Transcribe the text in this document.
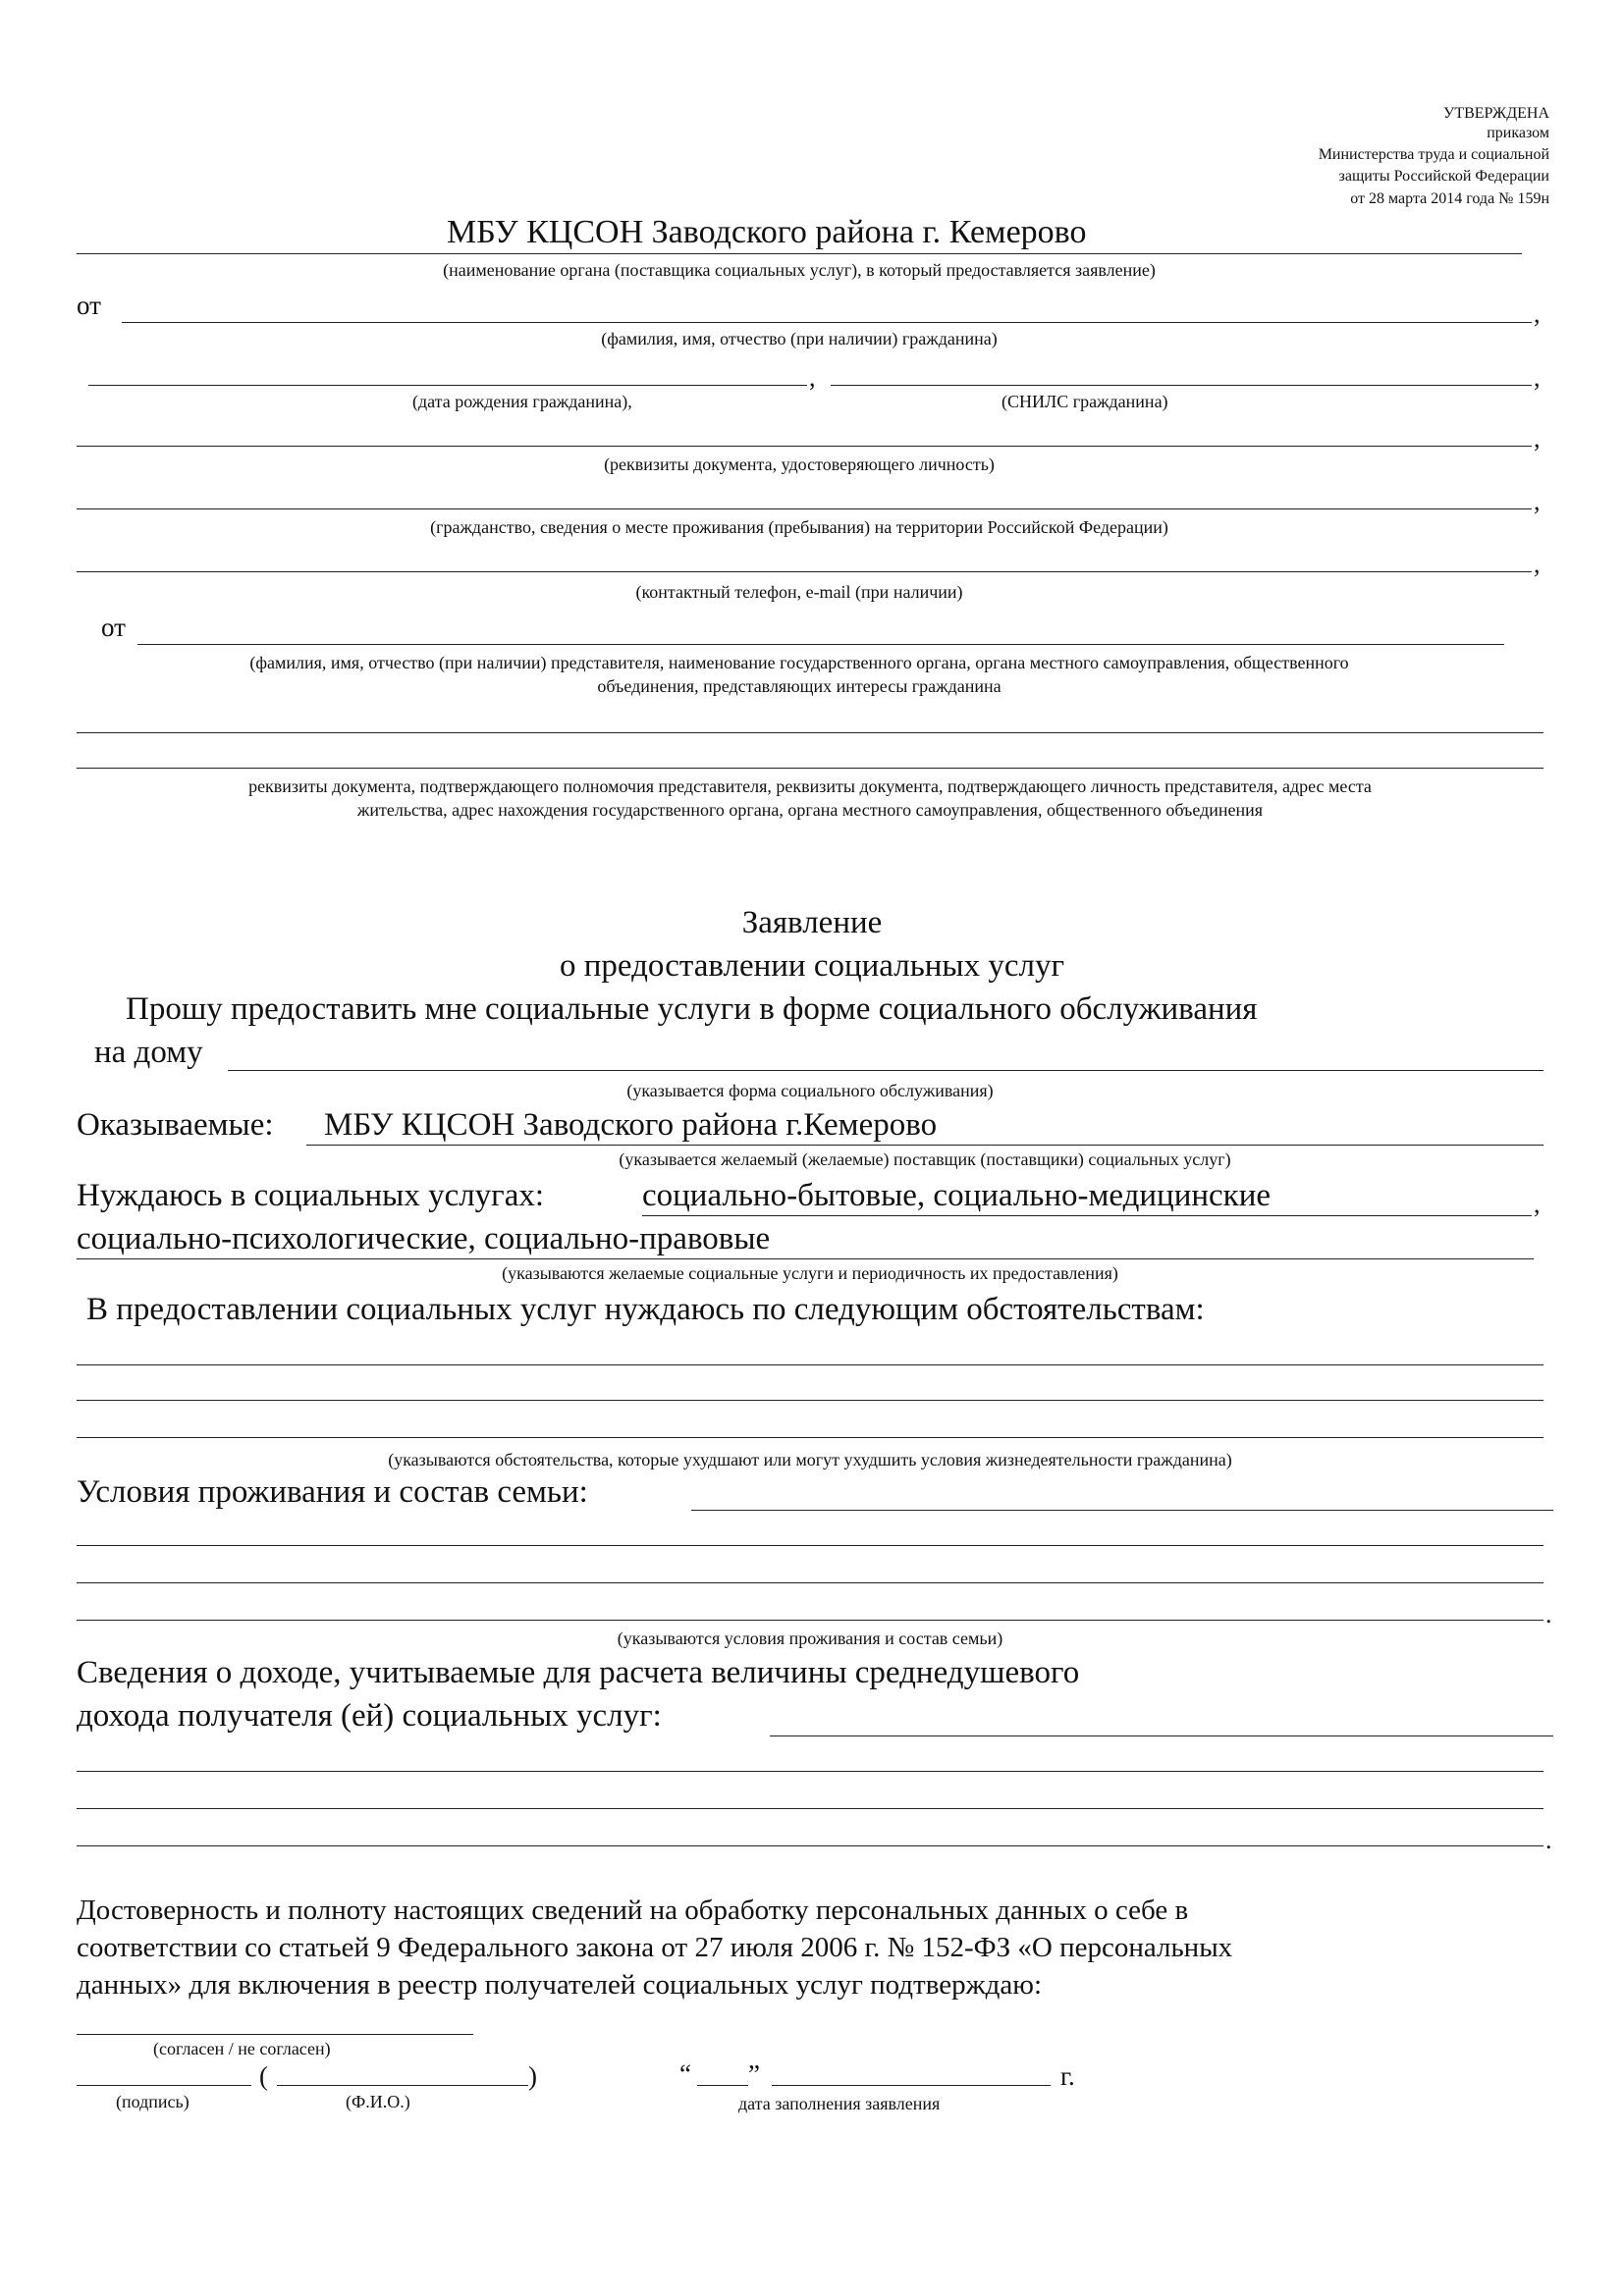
УТВЕРЖДЕНА
приказом
Министерства труда и социальной
защиты Российской Федерации
от 28 марта 2014 года № 159н
МБУ КЦСОН Заводского района г. Кемерово
(наименование органа (поставщика социальных услуг), в который предоставляется заявление)
от	,
(фамилия, имя, отчество (при наличии) гражданина)
,	,
(дата рождения гражданина),	(СНИЛС гражданина)
,
(реквизиты документа, удостоверяющего личность)
,
(гражданство, сведения о месте проживания (пребывания) на территории Российской Федерации)
,
(контактный телефон, e-mail (при наличии)
от
(фамилия, имя, отчество (при наличии) представителя, наименование государственного органа, органа местного самоуправления, общественного
объединения, представляющих интересы гражданина
реквизиты документа, подтверждающего полномочия представителя, реквизиты документа, подтверждающего личность представителя, адрес места
жительства, адрес нахождения государственного органа, органа местного самоуправления, общественного объединения
Заявление
о предоставлении социальных услуг
Прошу предоставить мне социальные услуги в форме социального обслуживания
на дому
(указывается форма социального обслуживания)
Оказываемые: МБУ КЦСОН Заводского района г.Кемерово
(указывается желаемый (желаемые) поставщик (поставщики) социальных услуг)
Нуждаюсь в социальных услугах:	социально-бытовые, социально-медицинские	,
социально-психологические, социально-правовые
(указываются желаемые социальные услуги и периодичность их предоставления)
В предоставлении социальных услуг нуждаюсь по следующим обстоятельствам:
(указываются обстоятельства, которые ухудшают или могут ухудшить условия жизнедеятельности гражданина)
Условия проживания и состав семьи:
.
(указываются условия проживания и состав семьи)
Сведения о доходе, учитываемые для расчета величины среднедушевого
дохода получателя (ей) социальных услуг:
.
Достоверность и полноту настоящих сведений на обработку персональных данных о себе в
соответствии со статьей 9 Федерального закона от 27 июля 2006 г. № 152-ФЗ «О персональных
данных» для включения в реестр получателей социальных услуг подтверждаю:
(согласен / не согласен)
(	)	“ ”	г.
(подпись)	(Ф.И.О.)	дата заполнения заявления
